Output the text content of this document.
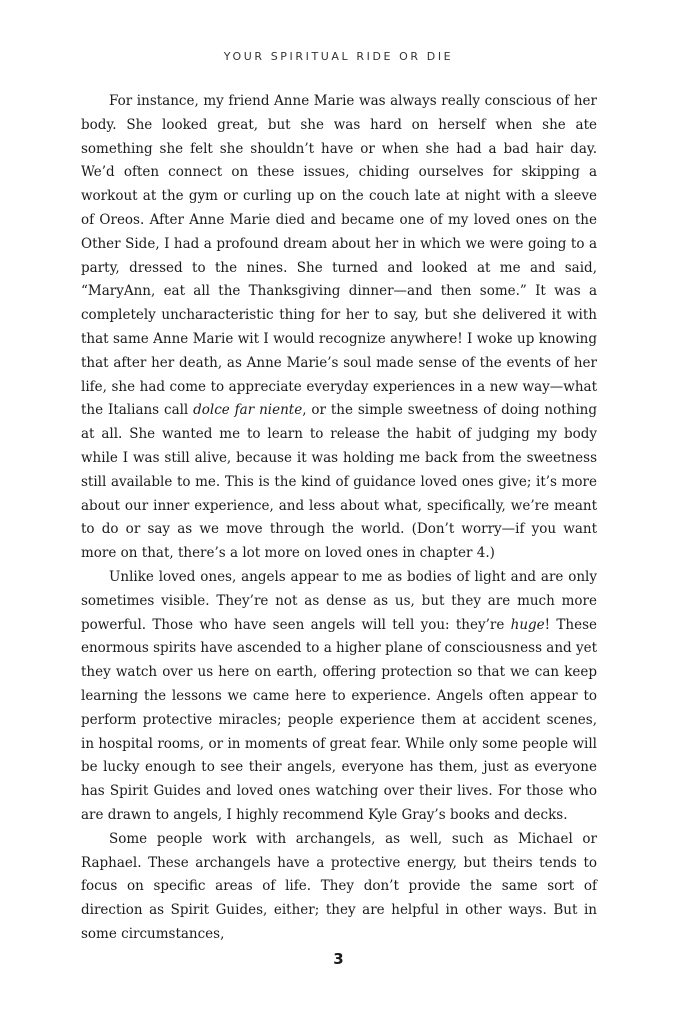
YOUR SPIRITUAL RIDE OR DIE

For instance, my friend Anne Marie was always really conscious of her body. She looked great, but she was hard on herself when she ate something she felt she shouldn’t have or when she had a bad hair day. We’d often connect on these issues, chiding ourselves for skipping a workout at the gym or curling up on the couch late at night with a sleeve of Oreos. After Anne Marie died and became one of my loved ones on the Other Side, I had a profound dream about her in which we were going to a party, dressed to the nines. She turned and looked at me and said, “MaryAnn, eat all the Thanksgiving dinner—and then some.” It was a completely uncharacteristic thing for her to say, but she delivered it with that same Anne Marie wit I would recognize anywhere! I woke up knowing that after her death, as Anne Marie’s soul made sense of the events of her life, she had come to appreciate everyday experiences in a new way—what the Italians call dolce far niente, or the simple sweetness of doing nothing at all. She wanted me to learn to release the habit of judging my body while I was still alive, because it was holding me back from the sweetness still available to me. This is the kind of guidance loved ones give; it’s more about our inner experience, and less about what, specifically, we’re meant to do or say as we move through the world. (Don’t worry—if you want more on that, there’s a lot more on loved ones in chapter 4.)

Unlike loved ones, angels appear to me as bodies of light and are only sometimes visible. They’re not as dense as us, but they are much more powerful. Those who have seen angels will tell you: they’re huge! These enormous spirits have ascended to a higher plane of consciousness and yet they watch over us here on earth, offering protection so that we can keep learning the lessons we came here to experience. Angels often appear to perform protective miracles; people experience them at accident scenes, in hospital rooms, or in moments of great fear. While only some people will be lucky enough to see their angels, everyone has them, just as everyone has Spirit Guides and loved ones watching over their lives. For those who are drawn to angels, I highly recommend Kyle Gray’s books and decks.

Some people work with archangels, as well, such as Michael or Raphael. These archangels have a protective energy, but theirs tends to focus on specific areas of life. They don’t provide the same sort of direction as Spirit Guides, either; they are helpful in other ways. But in some circumstances,

3
